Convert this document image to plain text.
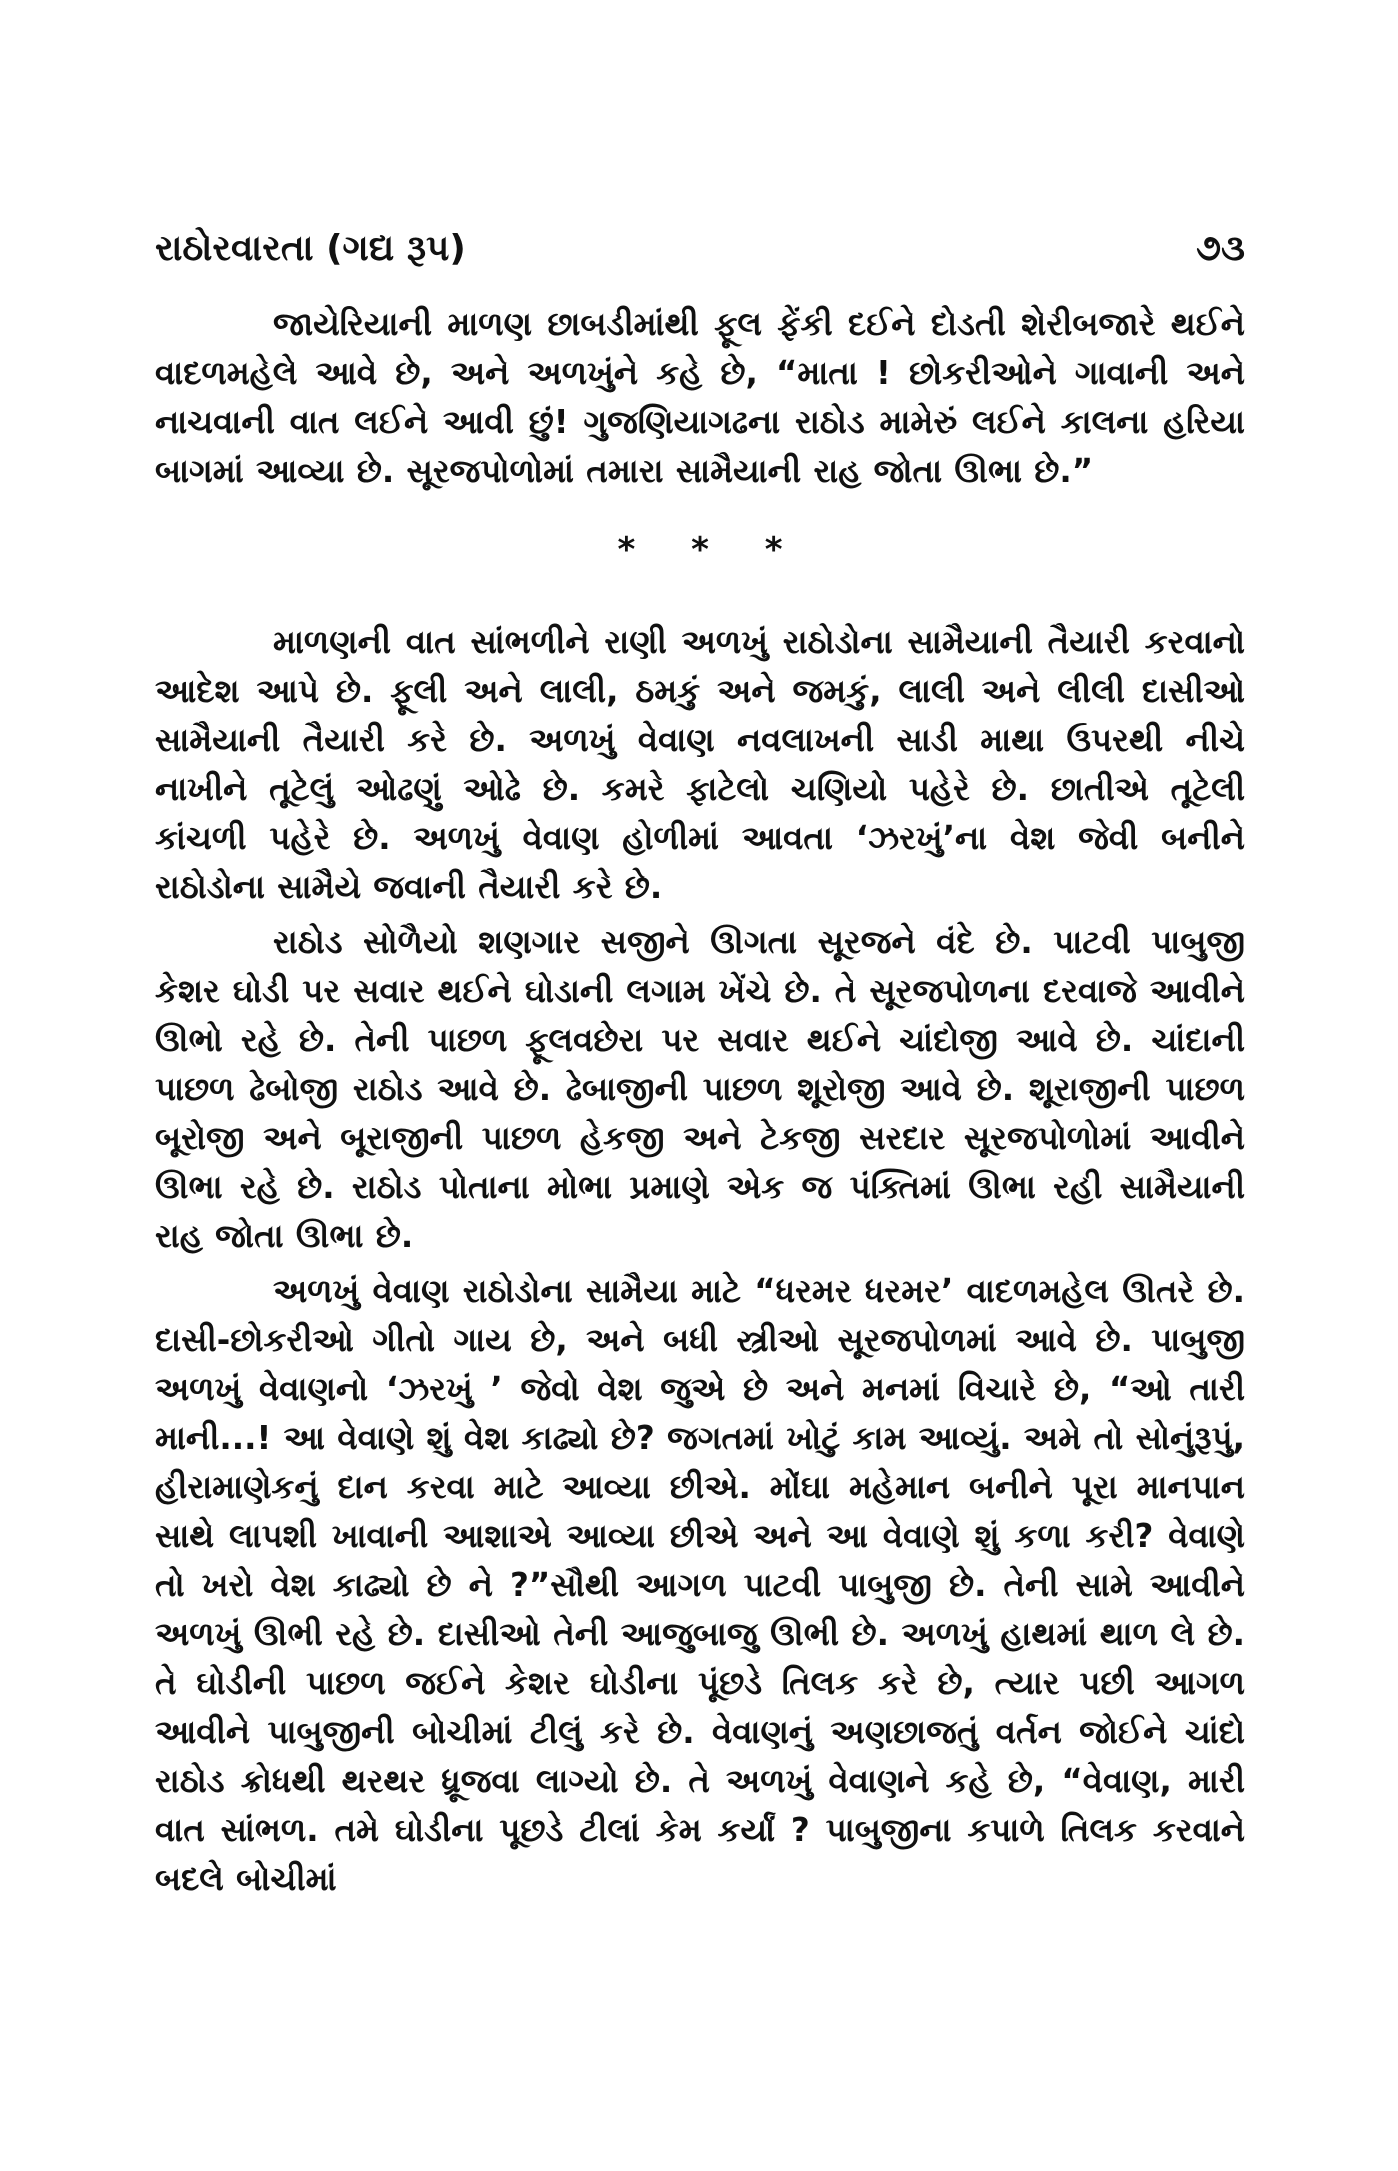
રાઠોરવારતા (ગદ્ય રૂપ)	૭૩

જાયેરિયાની માળણ છાબડીમાંથી ફૂલ ફેંકી દઈને દોડતી શેરીબજારે થઈને વાદળમહેલે આવે છે, અને અળખુંને કહે છે, “માતા ! છોકરીઓને ગાવાની અને નાચવાની વાત લઈને આવી છું! ગુજણિયાગઢના રાઠોડ મામેરું લઈને કાલના હરિયા બાગમાં આવ્યા છે. સૂરજપોળોમાં તમારા સામૈયાની રાહ જોતા ઊભા છે.”

* * *

માળણની વાત સાંભળીને રાણી અળખું રાઠોડોના સામૈયાની તૈયારી કરવાનો આદેશ આપે છે. ફૂલી અને લાલી, ઠમકું અને જમકું, લાલી અને લીલી દાસીઓ સામૈયાની તૈયારી કરે છે. અળખું વેવાણ નવલાખની સાડી માથા ઉપરથી નીચે નાખીને તૂટેલું ઓઢણું ઓઢે છે. કમરે ફાટેલો ચણિયો પહેરે છે. છાતીએ તૂટેલી કાંચળી પહેરે છે. અળખું વેવાણ હોળીમાં આવતા ‘ઝરખું’ના વેશ જેવી બનીને રાઠોડોના સામૈયે જવાની તૈયારી કરે છે.

રાઠોડ સોળૈયો શણગાર સજીને ઊગતા સૂરજને વંદે છે. પાટવી પાબુજી કેશર ઘોડી પર સવાર થઈને ઘોડાની લગામ ખેંચે છે. તે સૂરજપોળના દરવાજે આવીને ઊભો રહે છે. તેની પાછળ ફૂલવછેરા પર સવાર થઈને ચાંદોજી આવે છે. ચાંદાની પાછળ ઢેબોજી રાઠોડ આવે છે. ઢેબાજીની પાછળ શૂરોજી આવે છે. શૂરાજીની પાછળ બૂરોજી અને બૂરાજીની પાછળ હેકજી અને ટેકજી સરદાર સૂરજપોળોમાં આવીને ઊભા રહે છે. રાઠોડ પોતાના મોભા પ્રમાણે એક જ પંક્તિમાં ઊભા રહી સામૈયાની રાહ જોતા ઊભા છે.

અળખું વેવાણ રાઠોડોના સામૈયા માટે “ધરમર ધરમર’ વાદળમહેલ ઊતરે છે. દાસી-છોકરીઓ ગીતો ગાય છે, અને બધી સ્ત્રીઓ સૂરજપોળમાં આવે છે. પાબુજી અળખું વેવાણનો ‘ઝરખું ’ જેવો વેશ જુએ છે અને મનમાં વિચારે છે, “ઓ તારી માની...! આ વેવાણે શું વેશ કાઢ્યો છે? જગતમાં ખોટું કામ આવ્યું. અમે તો સોનુંરૂપું, હીરામાણેકનું દાન કરવા માટે આવ્યા છીએ. મોંઘા મહેમાન બનીને પૂરા માનપાન સાથે લાપશી ખાવાની આશાએ આવ્યા છીએ અને આ વેવાણે શું કળા કરી? વેવાણે તો ખરો વેશ કાઢ્યો છે ને ?”સૌથી આગળ પાટવી પાબુજી છે. તેની સામે આવીને અળખું ઊભી રહે છે. દાસીઓ તેની આજુબાજુ ઊભી છે. અળખું હાથમાં થાળ લે છે. તે ઘોડીની પાછળ જઈને કેશર ઘોડીના પૂંછડે તિલક કરે છે, ત્યાર પછી આગળ આવીને પાબુજીની બોચીમાં ટીલું કરે છે. વેવાણનું અણછાજતું વર્તન જોઈને ચાંદો રાઠોડ ક્રોધથી થરથર ધ્રૂજવા લાગ્યો છે. તે અળખું વેવાણને કહે છે, “વેવાણ, મારી વાત સાંભળ. તમે ઘોડીના પૂછડે ટીલાં કેમ કર્યાં ? પાબુજીના કપાળે તિલક કરવાને બદલે બોચીમાં
